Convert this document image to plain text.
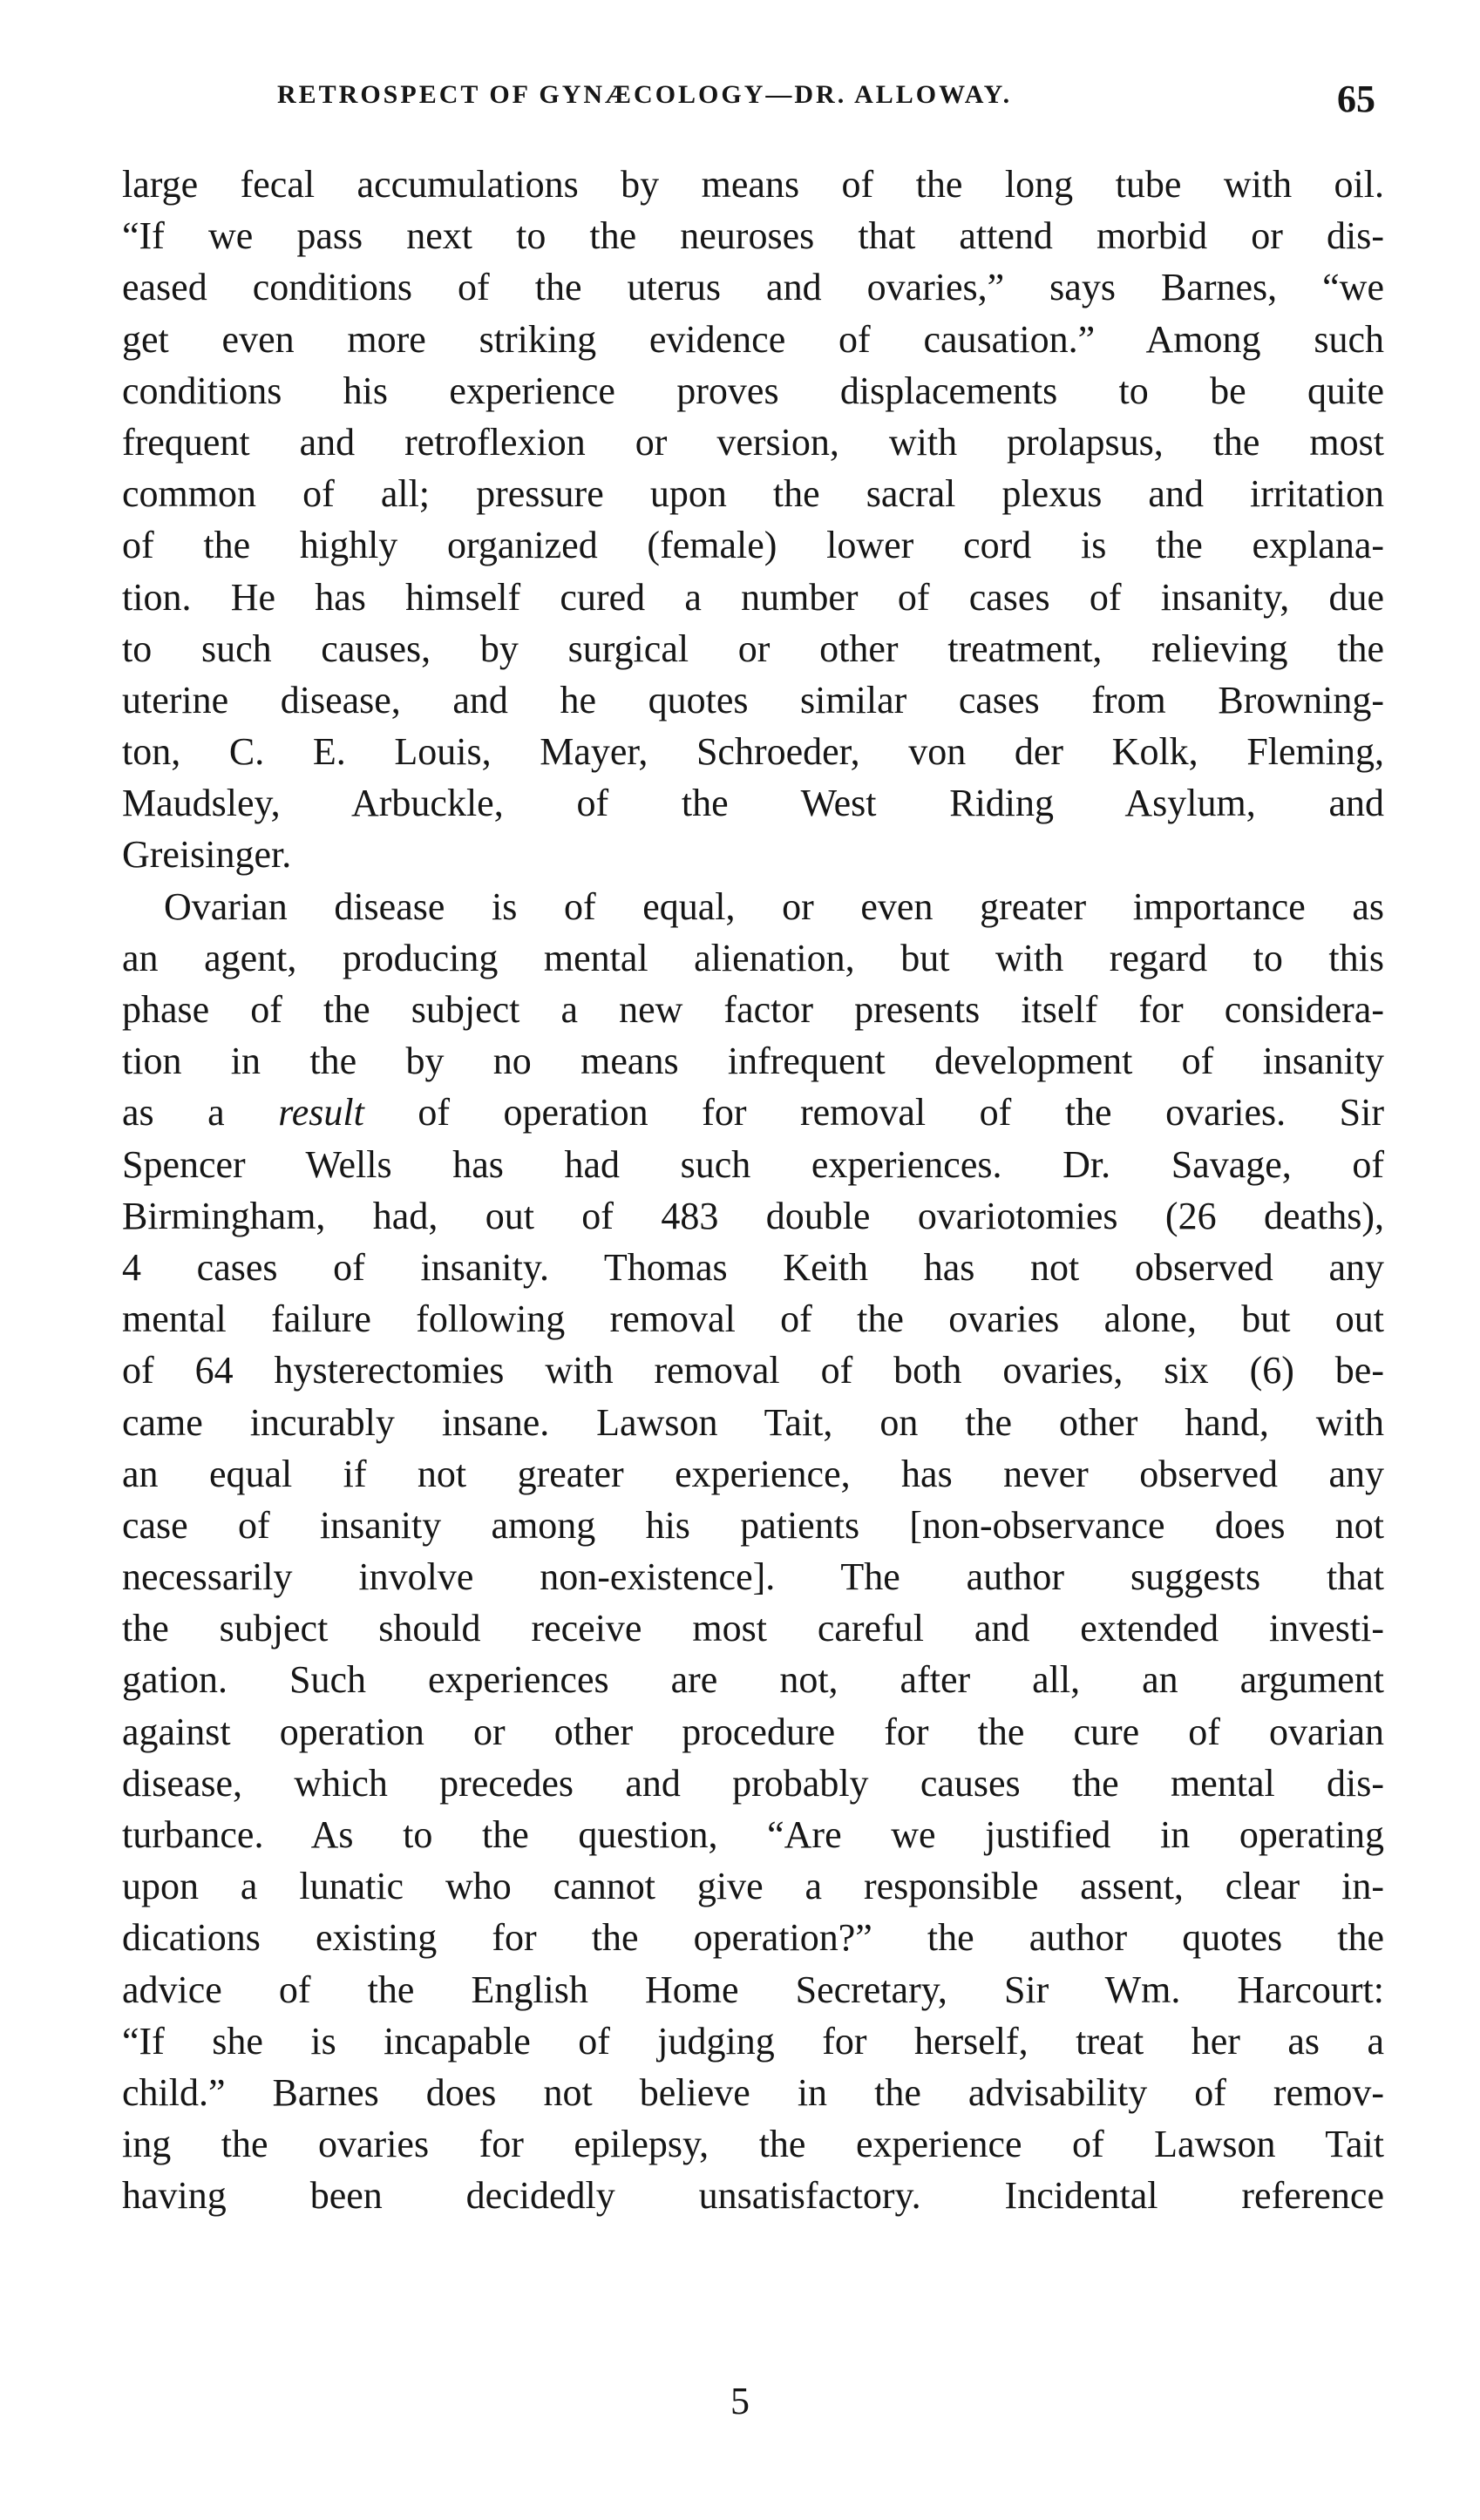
RETROSPECT OF GYNÆCOLOGY—DR. ALLOWAY.	65
large fecal accumulations by means of the long tube with oil.
“If we pass next to the neuroses that attend morbid or dis-
eased conditions of the uterus and ovaries,” says Barnes, “we
get even more striking evidence of causation.” Among such
conditions his experience proves displacements to be quite
frequent and retroflexion or version, with prolapsus, the most
common of all; pressure upon the sacral plexus and irritation
of the highly organized (female) lower cord is the explana-
tion. He has himself cured a number of cases of insanity, due
to such causes, by surgical or other treatment, relieving the
uterine disease, and he quotes similar cases from Browning-
ton, C. E. Louis, Mayer, Schroeder, von der Kolk, Fleming,
Maudsley, Arbuckle, of the West Riding Asylum, and
Greisinger.
Ovarian disease is of equal, or even greater importance as
an agent, producing mental alienation, but with regard to this
phase of the subject a new factor presents itself for considera-
tion in the by no means infrequent development of insanity
as a result of operation for removal of the ovaries. Sir
Spencer Wells has had such experiences. Dr. Savage, of
Birmingham, had, out of 483 double ovariotomies (26 deaths),
4 cases of insanity. Thomas Keith has not observed any
mental failure following removal of the ovaries alone, but out
of 64 hysterectomies with removal of both ovaries, six (6) be-
came incurably insane. Lawson Tait, on the other hand, with
an equal if not greater experience, has never observed any
case of insanity among his patients [non-observance does not
necessarily involve non-existence]. The author suggests that
the subject should receive most careful and extended investi-
gation. Such experiences are not, after all, an argument
against operation or other procedure for the cure of ovarian
disease, which precedes and probably causes the mental dis-
turbance. As to the question, “Are we justified in operating
upon a lunatic who cannot give a responsible assent, clear in-
dications existing for the operation?” the author quotes the
advice of the English Home Secretary, Sir Wm. Harcourt:
“If she is incapable of judging for herself, treat her as a
child.” Barnes does not believe in the advisability of remov-
ing the ovaries for epilepsy, the experience of Lawson Tait
having been decidedly unsatisfactory. Incidental reference
5
